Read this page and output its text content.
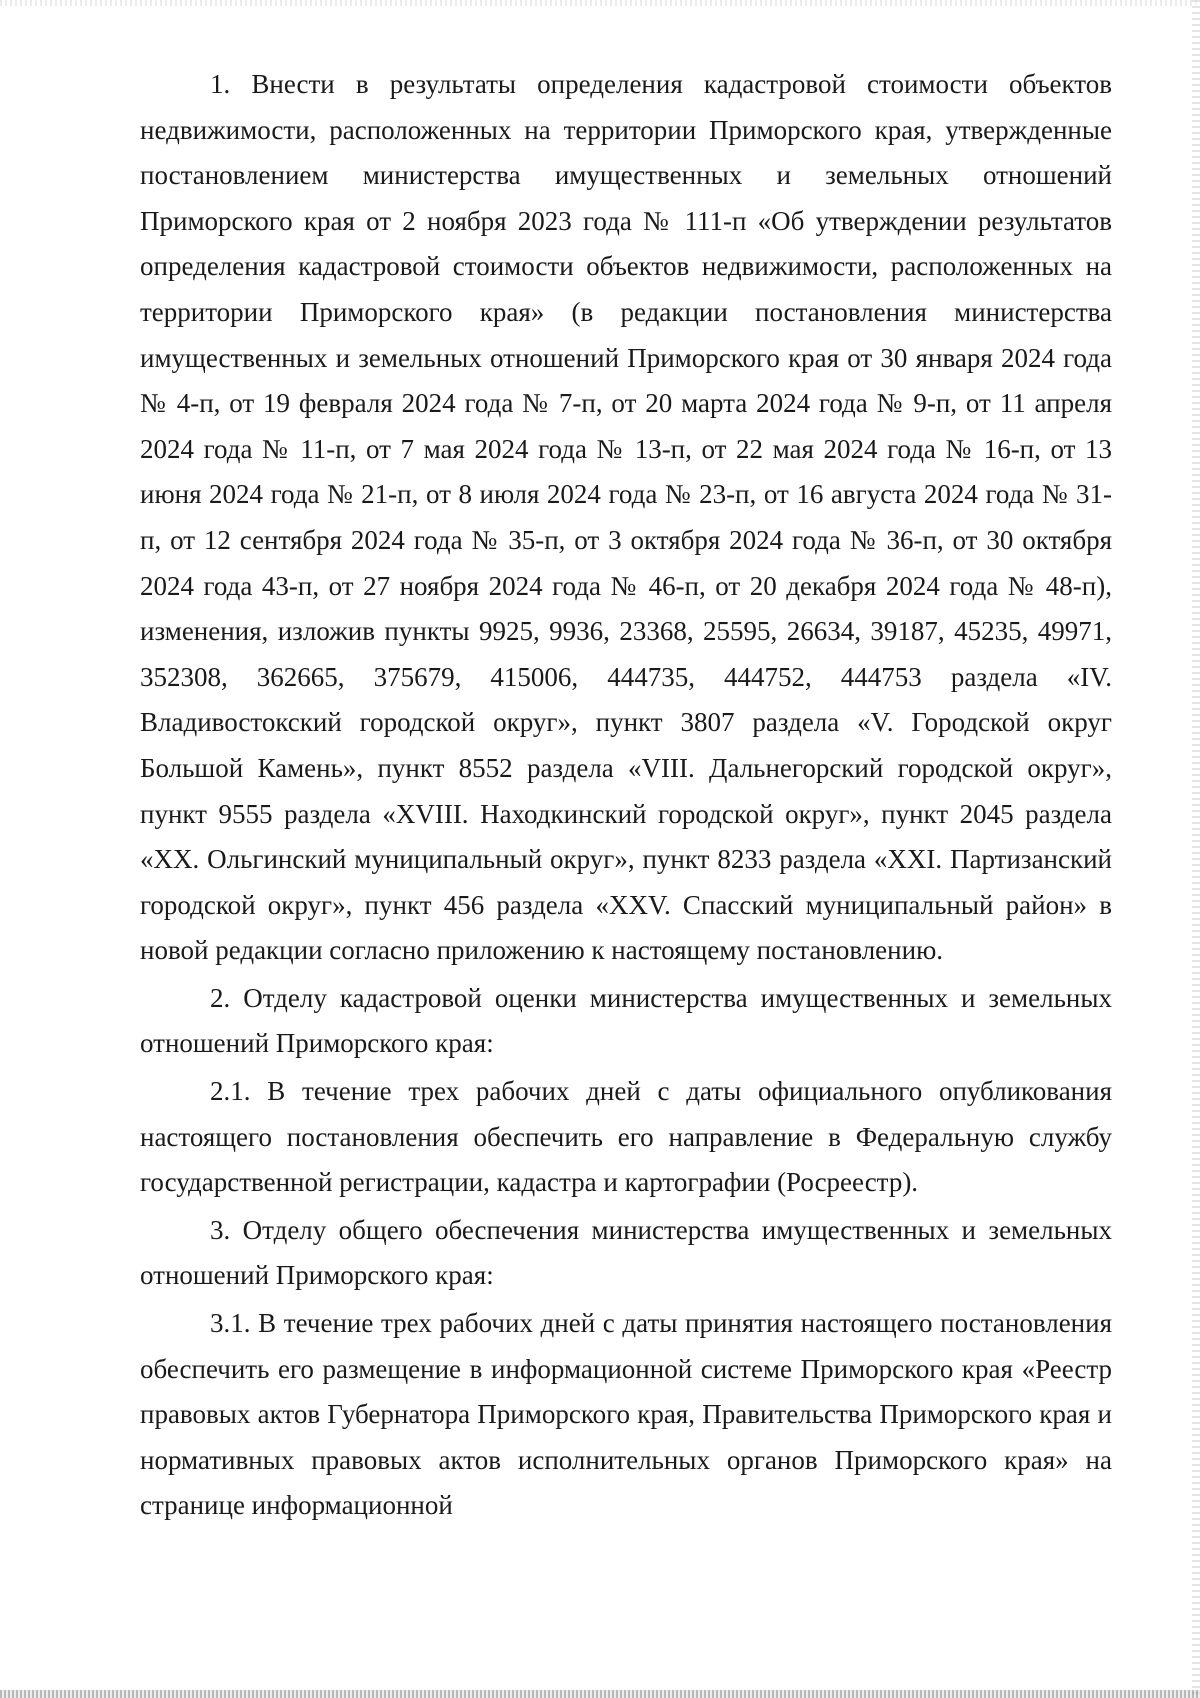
1. Внести в результаты определения кадастровой стоимости объектов недвижимости, расположенных на территории Приморского края, утвержденные постановлением министерства имущественных и земельных отношений Приморского края от 2 ноября 2023 года № 111-п «Об утверждении результатов определения кадастровой стоимости объектов недвижимости, расположенных на территории Приморского края» (в редакции постановления министерства имущественных и земельных отношений Приморского края от 30 января 2024 года № 4-п, от 19 февраля 2024 года № 7-п, от 20 марта 2024 года № 9-п, от 11 апреля 2024 года № 11-п, от 7 мая 2024 года № 13-п, от 22 мая 2024 года № 16-п, от 13 июня 2024 года № 21-п, от 8 июля 2024 года № 23-п, от 16 августа 2024 года № 31-п, от 12 сентября 2024 года № 35-п, от 3 октября 2024 года № 36-п, от 30 октября 2024 года 43-п, от 27 ноября 2024 года № 46-п, от 20 декабря 2024 года № 48-п), изменения, изложив пункты 9925, 9936, 23368, 25595, 26634, 39187, 45235, 49971, 352308, 362665, 375679, 415006, 444735, 444752, 444753 раздела «IV. Владивостокский городской округ», пункт 3807 раздела «V. Городской округ Большой Камень», пункт 8552 раздела «VIII. Дальнегорский городской округ», пункт 9555 раздела «XVIII. Находкинский городской округ», пункт 2045 раздела «XX. Ольгинский муниципальный округ», пункт 8233 раздела «XXI. Партизанский городской округ», пункт 456 раздела «XXV. Спасский муниципальный район» в новой редакции согласно приложению к настоящему постановлению.

2. Отделу кадастровой оценки министерства имущественных и земельных отношений Приморского края:

2.1. В течение трех рабочих дней с даты официального опубликования настоящего постановления обеспечить его направление в Федеральную службу государственной регистрации, кадастра и картографии (Росреестр).

3. Отделу общего обеспечения министерства имущественных и земельных отношений Приморского края:

3.1. В течение трех рабочих дней с даты принятия настоящего постановления обеспечить его размещение в информационной системе Приморского края «Реестр правовых актов Губернатора Приморского края, Правительства Приморского края и нормативных правовых актов исполнительных органов Приморского края» на странице информационной
